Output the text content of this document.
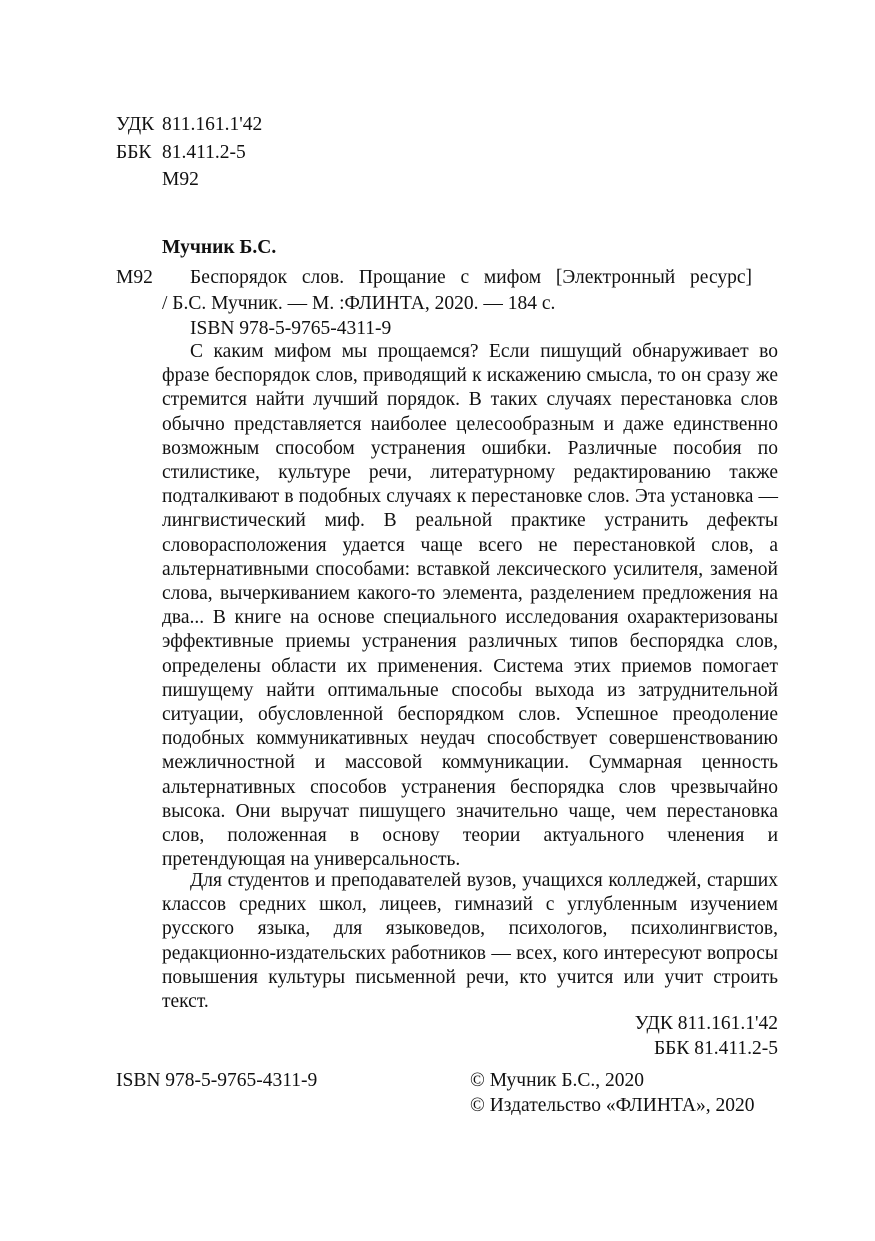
УДК 811.161.1'42
ББК 81.411.2-5
М92
Мучник Б.С.
М92 Беспорядок слов. Прощание с мифом [Электронный ресурс]
/ Б.С. Мучник. — М. :ФЛИНТА, 2020. — 184 с.
ISBN 978-5-9765-4311-9

С каким мифом мы прощаемся? Если пишущий обнаруживает во фразе беспорядок слов, приводящий к искажению смысла, то он сразу же стремится найти лучший порядок. В таких случаях перестановка слов обычно представляется наиболее целесообразным и даже единственно возможным способом устранения ошибки. Различные пособия по стилистике, культуре речи, литературному редактированию также подталкивают в подобных случаях к перестановке слов. Эта установка — лингвистический миф. В реальной практике устранить дефекты словорасположения удается чаще всего не перестановкой слов, а альтернативными способами: вставкой лексического усилителя, заменой слова, вычеркиванием какого-то элемента, разделением предложения на два... В книге на основе специального исследования охарактеризованы эффективные приемы устранения различных типов беспорядка слов, определены области их применения. Система этих приемов помогает пишущему найти оптимальные способы выхода из затруднительной ситуации, обусловленной беспорядком слов. Успешное преодоление подобных коммуникативных неудач способствует совершенствованию межличностной и массовой коммуникации. Суммарная ценность альтернативных способов устранения беспорядка слов чрезвычайно высока. Они выручат пишущего значительно чаще, чем перестановка слов, положенная в основу теории актуального членения и претендующая на универсальность.

Для студентов и преподавателей вузов, учащихся колледжей, старших классов средних школ, лицеев, гимназий с углубленным изучением русского языка, для языковедов, психологов, психолингвистов, редакционно-издательских работников — всех, кого интересуют вопросы повышения культуры письменной речи, кто учится или учит строить текст.

УДК 811.161.1'42
ББК 81.411.2-5
ISBN 978-5-9765-4311-9	© Мучник Б.С., 2020
© Издательство «ФЛИНТА», 2020
